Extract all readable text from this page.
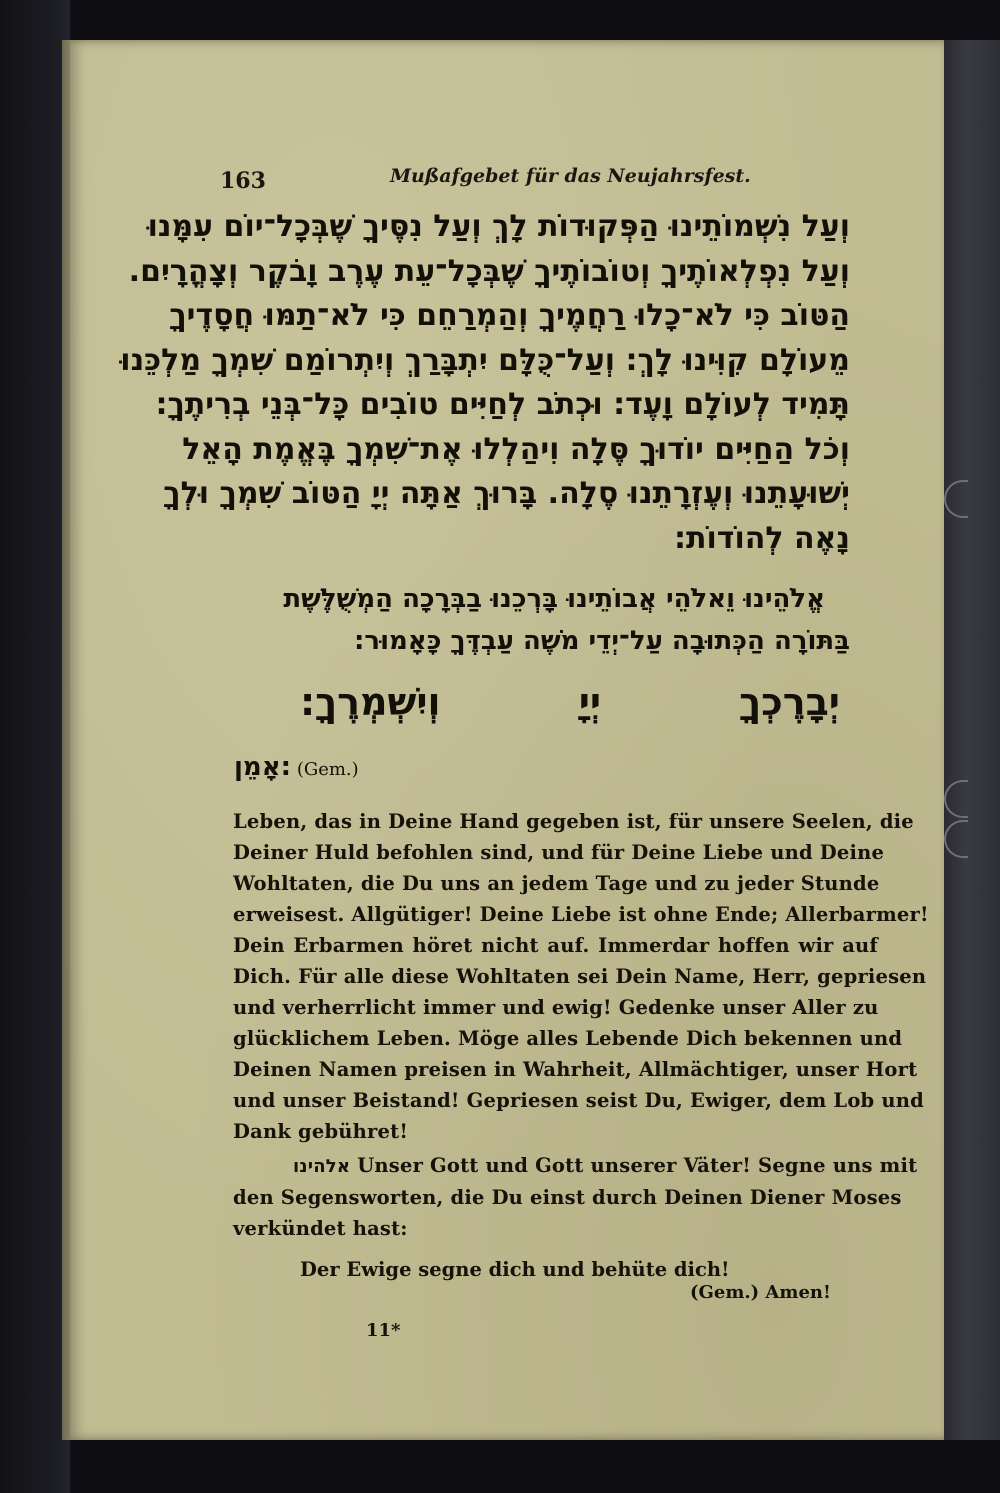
163	Mußafgebet für das Neujahrsfest.
וְעַל נִשְׁמוֹתֵינוּ הַפְּקוּדוֹת לָךְ וְעַל נִסֶּיךָ שֶׁבְּכָל־יוֹם עִמָּנוּ
וְעַל נִפְלְאוֹתֶיךָ וְטוֹבוֹתֶיךָ שֶׁבְּכָל־עֵת עֶרֶב וָבֹקֶר וְצָהֳרָיִם.
הַטּוֹב כִּי לֹא־כָלוּ רַחֲמֶיךָ וְהַמְרַחֵם כִּי לֹא־תַמּוּ חֲסָדֶיךָ
מֵעוֹלָם קִוִּינוּ לָךְ: וְעַל־כֻּלָּם יִתְבָּרַךְ וְיִתְרוֹמַם שִׁמְךָ מַלְכֵּנוּ
תָּמִיד לְעוֹלָם וָעֶד: וּכְתֹב לְחַיִּים טוֹבִים כָּל־בְּנֵי בְרִיתֶךָ:
וְכֹל הַחַיִּים יוֹדוּךָ סֶּלָה וִיהַלְלוּ אֶת־שִׁמְךָ בֶּאֱמֶת הָאֵל
יְשׁוּעָתֵנוּ וְעֶזְרָתֵנוּ סֶלָה. בָּרוּךְ אַתָּה יְיָ הַטּוֹב שִׁמְךָ וּלְךָ
נָאֶה לְהוֹדוֹת:
אֱלֹהֵינוּ וֵאלֹהֵי אֲבוֹתֵינוּ בָּרְכֵנוּ בַבְּרָכָה הַמְשֻׁלֶּשֶׁת
בַּתּוֹרָה הַכְּתוּבָה עַל־יְדֵי מֹשֶׁה עַבְדֶּךָ כָּאָמוּר:
יְבָרֶכְךָ
יְיָ
וְיִשְׁמְרֶךָ:
אָמֵן: (Gem.)
Leben, das in Deine Hand gegeben ist, für unsere Seelen, die
Deiner Huld befohlen sind, und für Deine Liebe und Deine
Wohltaten, die Du uns an jedem Tage und zu jeder Stunde
erweisest. Allgütiger! Deine Liebe ist ohne Ende; Allerbarmer!
Dein Erbarmen höret nicht auf. Immerdar hoffen wir auf
Dich. Für alle diese Wohltaten sei Dein Name, Herr, gepriesen
und verherrlicht immer und ewig! Gedenke unser Aller zu
glücklichem Leben. Möge alles Lebende Dich bekennen und
Deinen Namen preisen in Wahrheit, Allmächtiger, unser Hort
und unser Beistand! Gepriesen seist Du, Ewiger, dem Lob und
Dank gebühret!
אלהינו Unser Gott und Gott unserer Väter! Segne uns mit
den Segensworten, die Du einst durch Deinen Diener Moses
verkündet hast:
Der Ewige segne dich und behüte dich!
(Gem.) Amen!
11*
